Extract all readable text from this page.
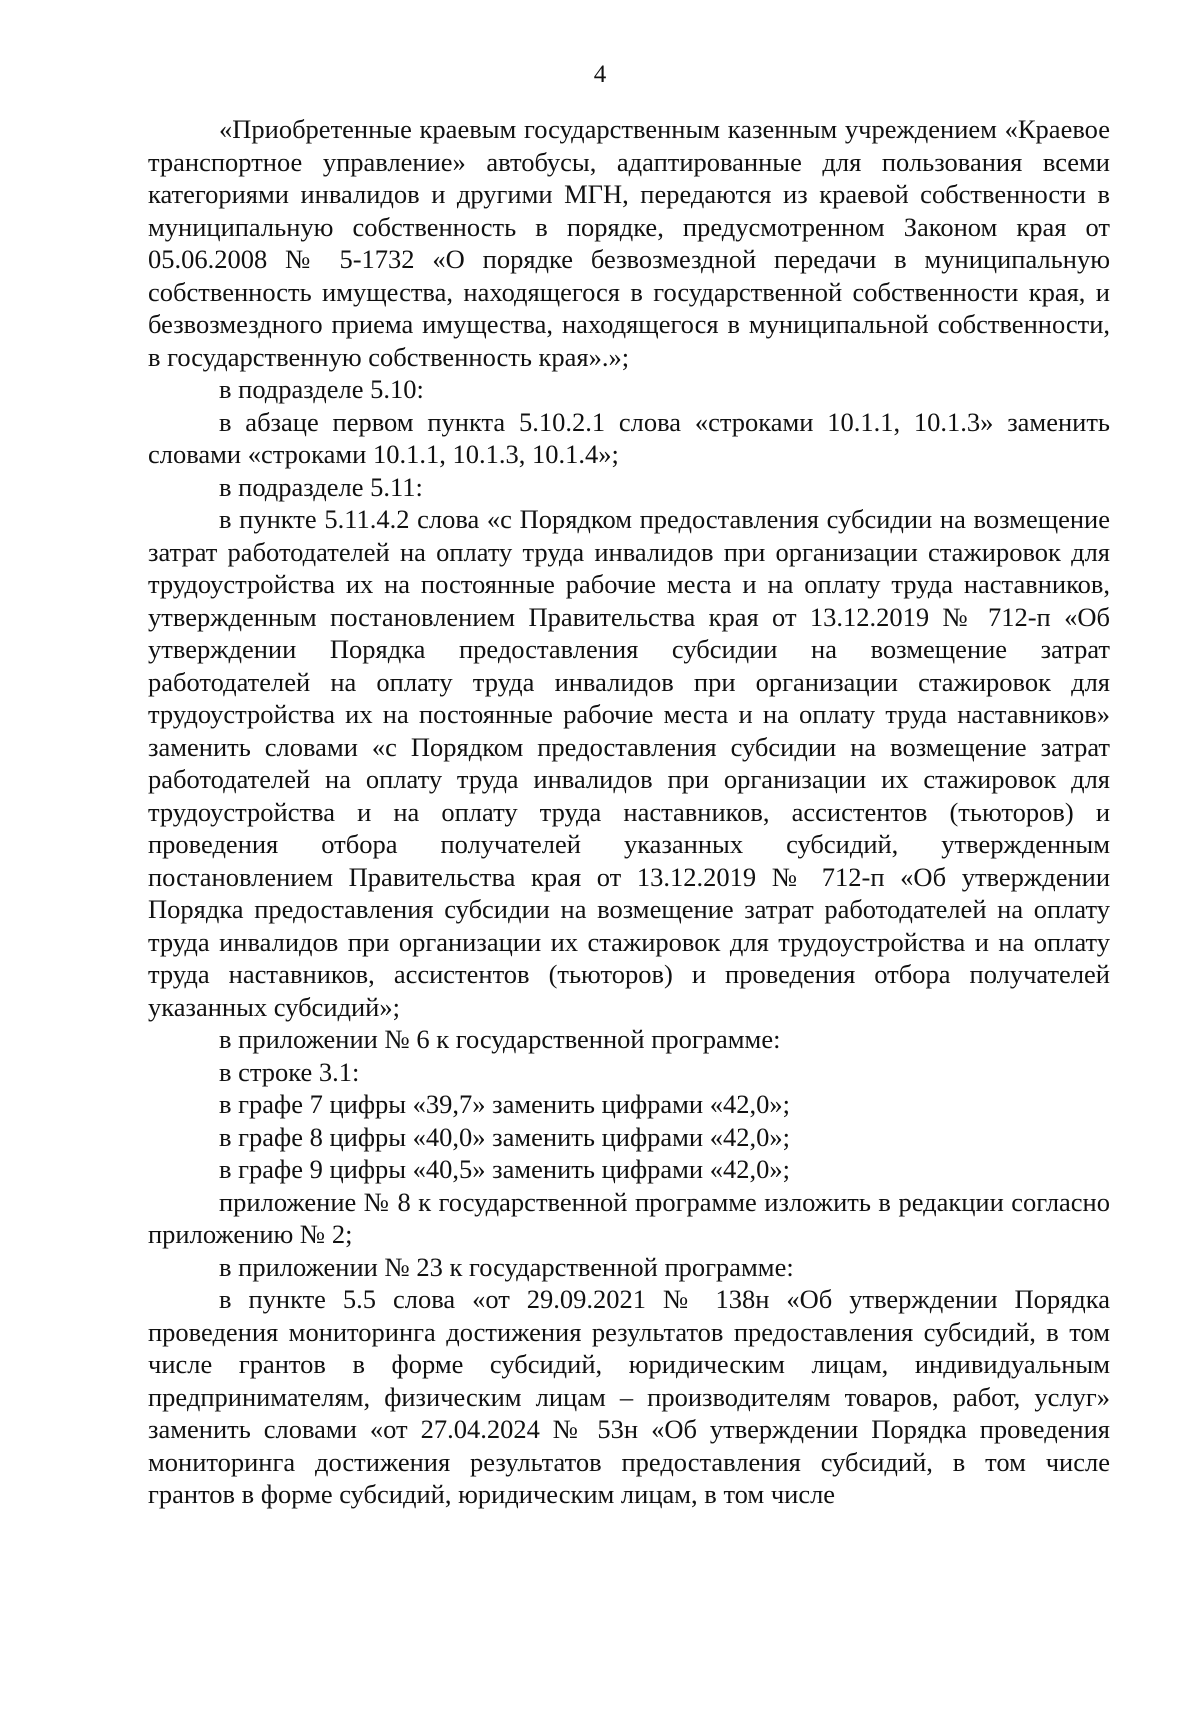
4

«Приобретенные краевым государственным казенным учреждением «Краевое транспортное управление» автобусы, адаптированные для пользования всеми категориями инвалидов и другими МГН, передаются из краевой собственности в муниципальную собственность в порядке, предусмотренном Законом края от 05.06.2008 № 5-1732 «О порядке безвозмездной передачи в муниципальную собственность имущества, находящегося в государственной собственности края, и безвозмездного приема имущества, находящегося в муниципальной собственности, в государственную собственность края».»;

в подразделе 5.10:

в абзаце первом пункта 5.10.2.1 слова «строками 10.1.1, 10.1.3» заменить словами «строками 10.1.1, 10.1.3, 10.1.4»;

в подразделе 5.11:

в пункте 5.11.4.2 слова «с Порядком предоставления субсидии на возмещение затрат работодателей на оплату труда инвалидов при организации стажировок для трудоустройства их на постоянные рабочие места и на оплату труда наставников, утвержденным постановлением Правительства края от 13.12.2019 № 712-п «Об утверждении Порядка предоставления субсидии на возмещение затрат работодателей на оплату труда инвалидов при организации стажировок для трудоустройства их на постоянные рабочие места и на оплату труда наставников» заменить словами «с Порядком предоставления субсидии на возмещение затрат работодателей на оплату труда инвалидов при организации их стажировок для трудоустройства и на оплату труда наставников, ассистентов (тьюторов) и проведения отбора получателей указанных субсидий, утвержденным постановлением Правительства края от 13.12.2019 № 712-п «Об утверждении Порядка предоставления субсидии на возмещение затрат работодателей на оплату труда инвалидов при организации их стажировок для трудоустройства и на оплату труда наставников, ассистентов (тьюторов) и проведения отбора получателей указанных субсидий»;

в приложении № 6 к государственной программе:

в строке 3.1:

в графе 7 цифры «39,7» заменить цифрами «42,0»;

в графе 8 цифры «40,0» заменить цифрами «42,0»;

в графе 9 цифры «40,5» заменить цифрами «42,0»;

приложение № 8 к государственной программе изложить в редакции согласно приложению № 2;

в приложении № 23 к государственной программе:

в пункте 5.5 слова «от 29.09.2021 № 138н «Об утверждении Порядка проведения мониторинга достижения результатов предоставления субсидий, в том числе грантов в форме субсидий, юридическим лицам, индивидуальным предпринимателям, физическим лицам – производителям товаров, работ, услуг» заменить словами «от 27.04.2024 № 53н «Об утверждении Порядка проведения мониторинга достижения результатов предоставления субсидий, в том числе грантов в форме субсидий, юридическим лицам, в том числе
